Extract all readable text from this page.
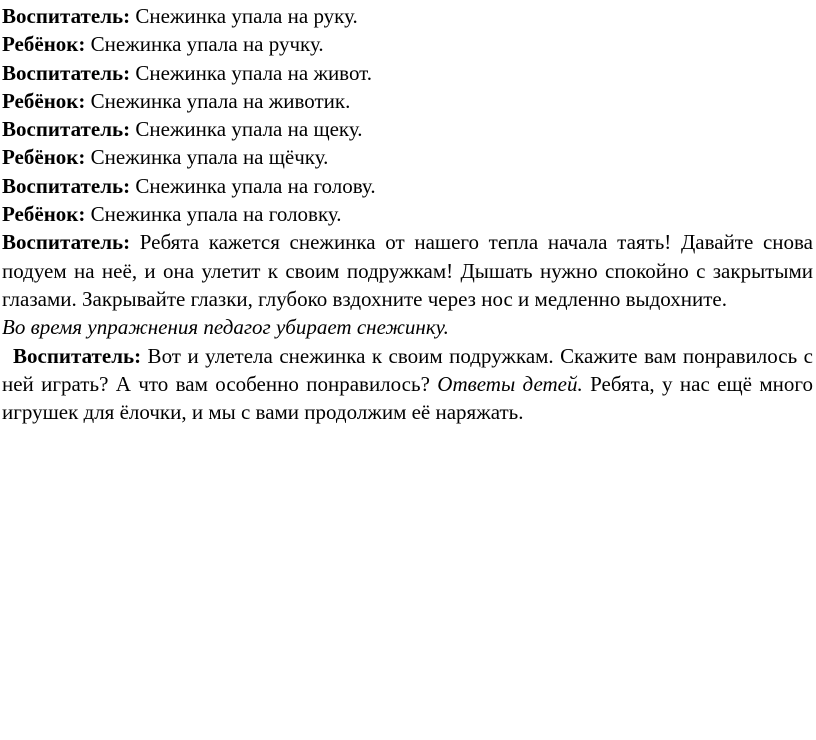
Воспитатель: Снежинка упала на руку.

Ребёнок: Снежинка упала на ручку.

Воспитатель: Снежинка упала на живот.

Ребёнок: Снежинка упала на животик.

Воспитатель: Снежинка упала на щеку.

Ребёнок: Снежинка упала на щёчку.

Воспитатель: Снежинка упала на голову.

Ребёнок: Снежинка упала на головку.

Воспитатель: Ребята кажется снежинка от нашего тепла начала таять! Давайте снова подуем на неё, и она улетит к своим подружкам! Дышать нужно спокойно с закрытыми глазами. Закрывайте глазки, глубоко вздохните через нос и медленно выдохните.

Во время упражнения педагог убирает снежинку.

Воспитатель: Вот и улетела снежинка к своим подружкам. Скажите вам понравилось с ней играть? А что вам особенно понравилось? Ответы детей. Ребята, у нас ещё много игрушек для ёлочки, и мы с вами продолжим её наряжать.
